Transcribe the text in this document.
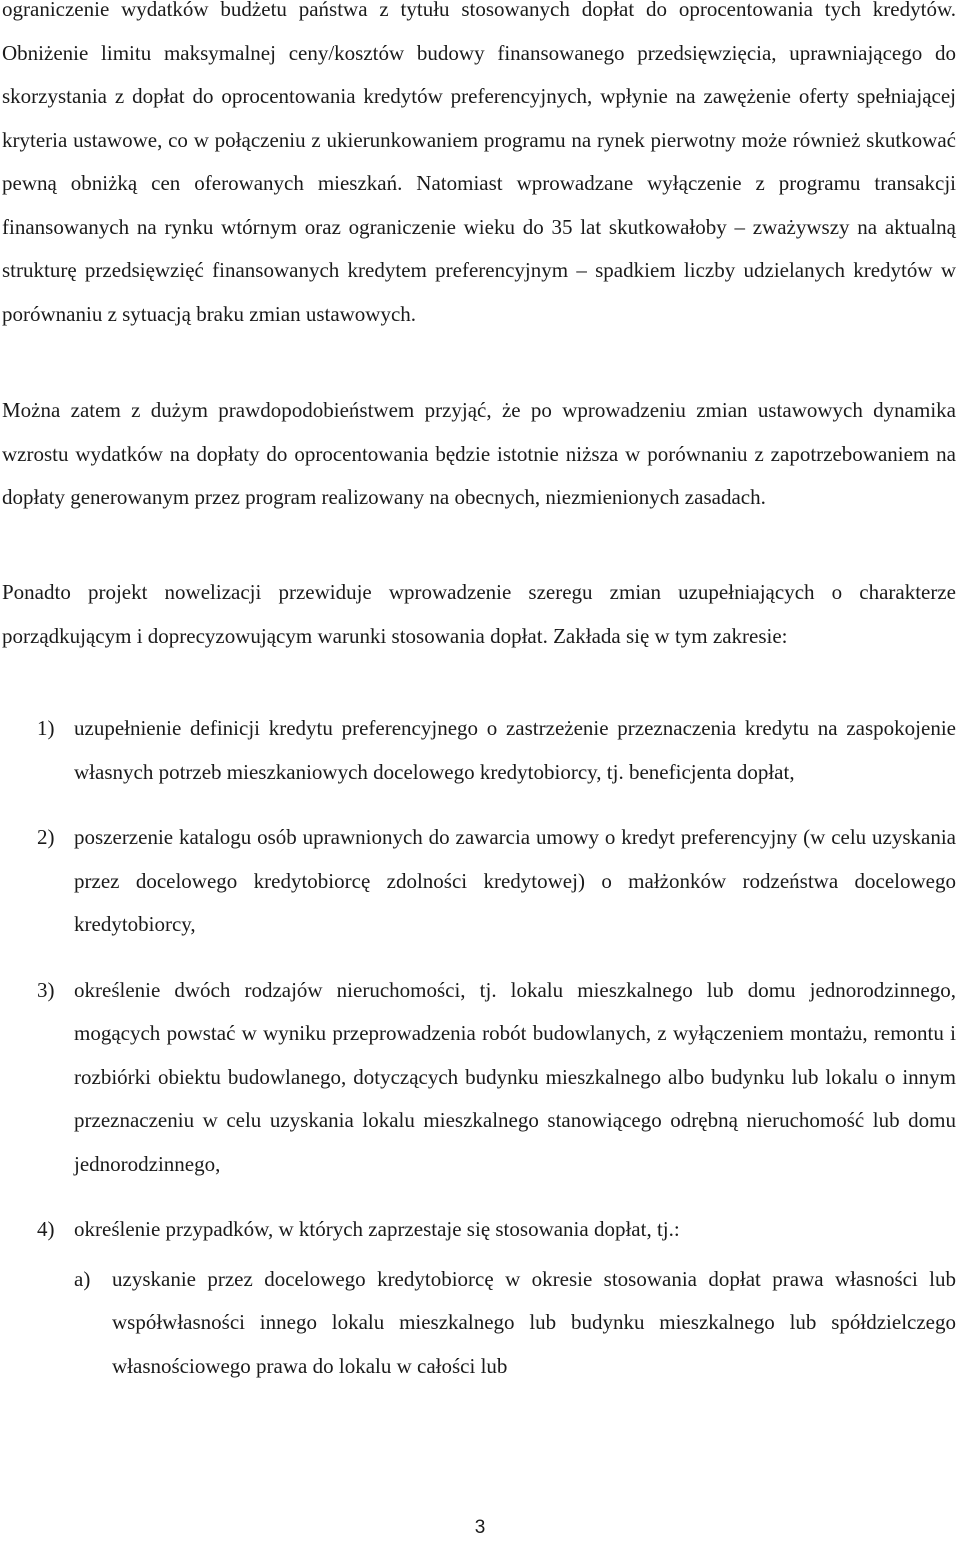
ograniczenie wydatków budżetu państwa z tytułu stosowanych dopłat do oprocentowania tych kredytów. Obniżenie limitu maksymalnej ceny/kosztów budowy finansowanego przedsięwzięcia, uprawniającego do skorzystania z dopłat do oprocentowania kredytów preferencyjnych, wpłynie na zawężenie oferty spełniającej kryteria ustawowe, co w połączeniu z ukierunkowaniem programu na rynek pierwotny może również skutkować pewną obniżką cen oferowanych mieszkań. Natomiast wprowadzane wyłączenie z programu transakcji finansowanych na rynku wtórnym oraz ograniczenie wieku do 35 lat skutkowałoby – zważywszy na aktualną strukturę przedsięwzięć finansowanych kredytem preferencyjnym – spadkiem liczby udzielanych kredytów w porównaniu z sytuacją braku zmian ustawowych.

Można zatem z dużym prawdopodobieństwem przyjąć, że po wprowadzeniu zmian ustawowych dynamika wzrostu wydatków na dopłaty do oprocentowania będzie istotnie niższa w porównaniu z zapotrzebowaniem na dopłaty generowanym przez program realizowany na obecnych, niezmienionych zasadach.

Ponadto projekt nowelizacji przewiduje wprowadzenie szeregu zmian uzupełniających o charakterze porządkującym i doprecyzowującym warunki stosowania dopłat. Zakłada się w tym zakresie:

1) uzupełnienie definicji kredytu preferencyjnego o zastrzeżenie przeznaczenia kredytu na zaspokojenie własnych potrzeb mieszkaniowych docelowego kredytobiorcy, tj. beneficjenta dopłat,

2) poszerzenie katalogu osób uprawnionych do zawarcia umowy o kredyt preferencyjny (w celu uzyskania przez docelowego kredytobiorcę zdolności kredytowej) o małżonków rodzeństwa docelowego kredytobiorcy,

3) określenie dwóch rodzajów nieruchomości, tj. lokalu mieszkalnego lub domu jednorodzinnego, mogących powstać w wyniku przeprowadzenia robót budowlanych, z wyłączeniem montażu, remontu i rozbiórki obiektu budowlanego, dotyczących budynku mieszkalnego albo budynku lub lokalu o innym przeznaczeniu w celu uzyskania lokalu mieszkalnego stanowiącego odrębną nieruchomość lub domu jednorodzinnego,

4) określenie przypadków, w których zaprzestaje się stosowania dopłat, tj.:

a) uzyskanie przez docelowego kredytobiorcę w okresie stosowania dopłat prawa własności lub współwłasności innego lokalu mieszkalnego lub budynku mieszkalnego lub spółdzielczego własnościowego prawa do lokalu w całości lub

3
